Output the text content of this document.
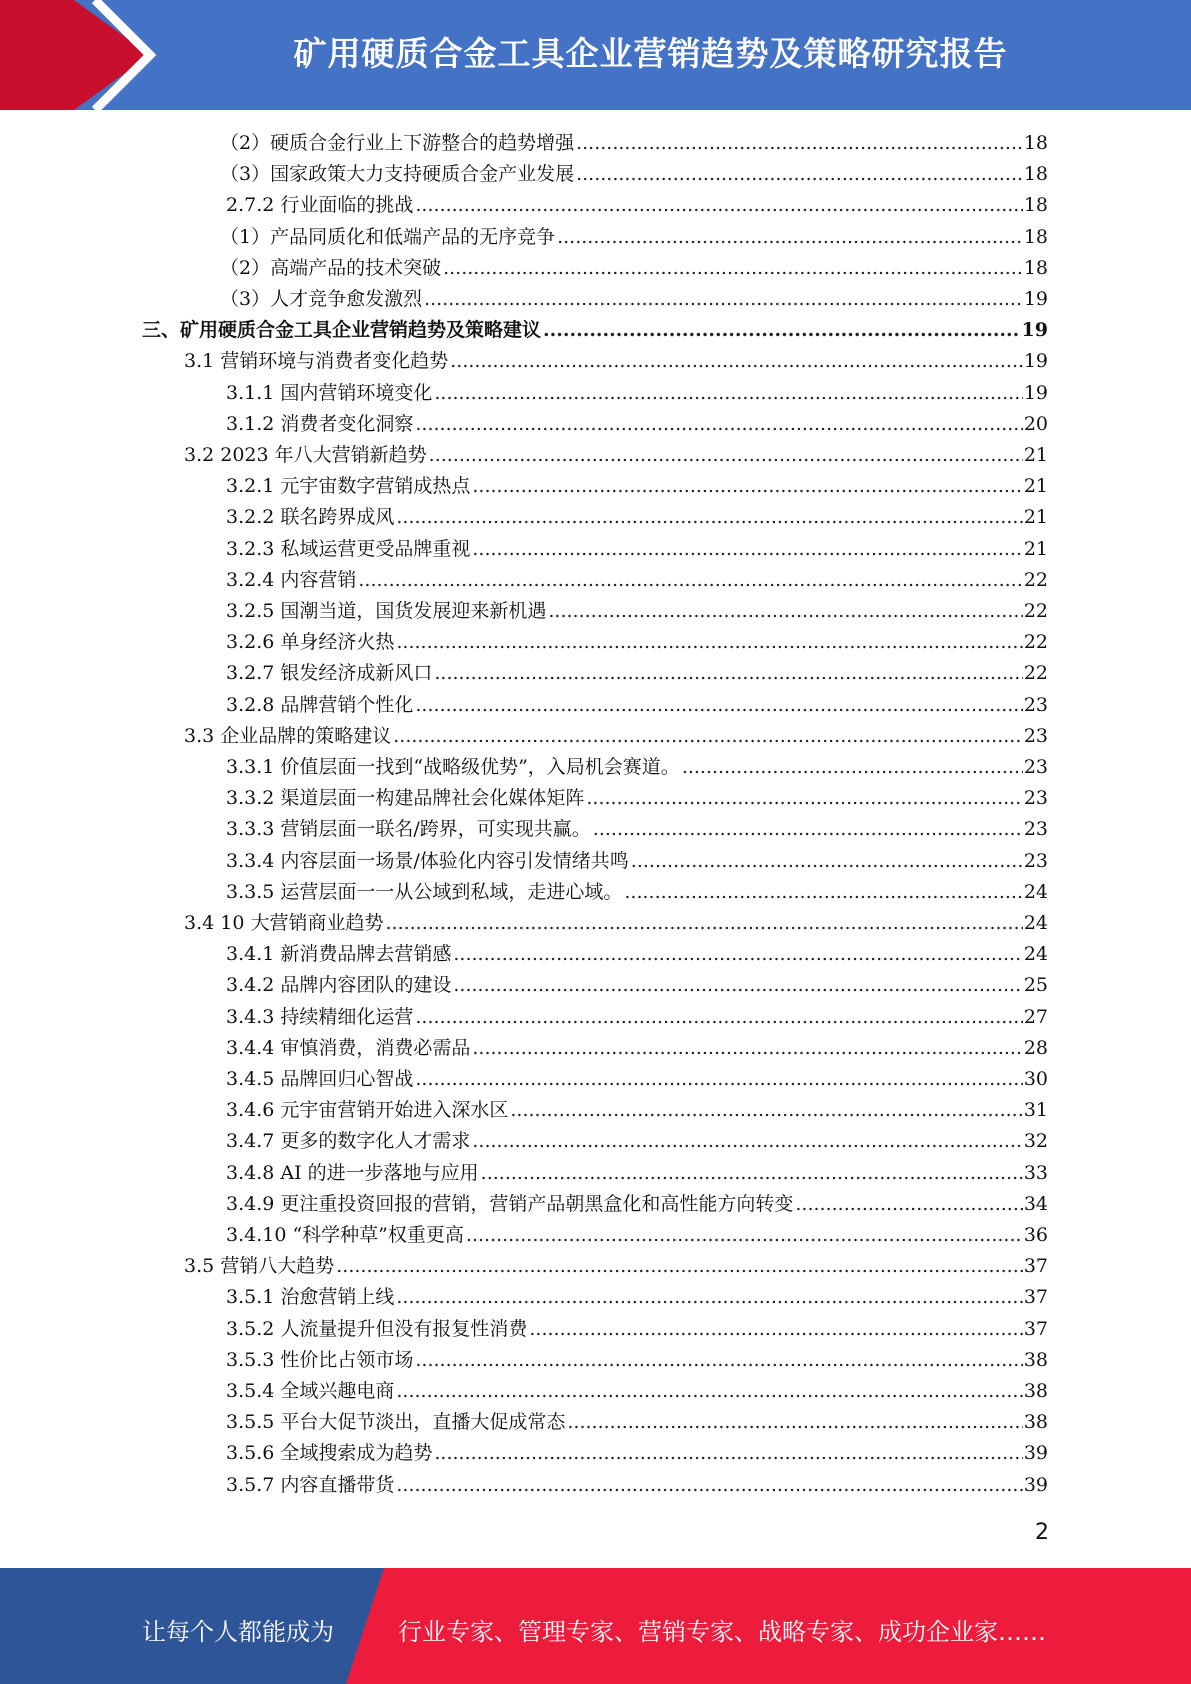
矿用硬质合金工具企业营销趋势及策略研究报告
（2）硬质合金行业上下游整合的趋势增强 .....	18
（3）国家政策大力支持硬质合金产业发展 .....	18
2.7.2 行业面临的挑战 .....	18
（1）产品同质化和低端产品的无序竞争 .....	18
（2）高端产品的技术突破 .....	18
（3）人才竞争愈发激烈 .....	19
三、矿用硬质合金工具企业营销趋势及策略建议 .....	19
3.1 营销环境与消费者变化趋势 .....	19
3.1.1 国内营销环境变化 .....	19
3.1.2 消费者变化洞察 .....	20
3.2 2023 年八大营销新趋势 .....	21
3.2.1 元宇宙数字营销成热点 .....	21
3.2.2 联名跨界成风 .....	21
3.2.3 私域运营更受品牌重视 .....	21
3.2.4 内容营销 .....	22
3.2.5 国潮当道，国货发展迎来新机遇 .....	22
3.2.6 单身经济火热 .....	22
3.2.7 银发经济成新风口 .....	22
3.2.8 品牌营销个性化 .....	23
3.3 企业品牌的策略建议 .....	23
3.3.1 价值层面一找到“战略级优势”，入局机会赛道。 .....	23
3.3.2 渠道层面一构建品牌社会化媒体矩阵 .....	23
3.3.3 营销层面一联名/跨界，可实现共赢。 .....	23
3.3.4 内容层面一场景/体验化内容引发情绪共鸣 .....	23
3.3.5 运营层面一一从公域到私域，走进心域。 .....	24
3.4 10 大营销商业趋势 .....	24
3.4.1 新消费品牌去营销感 .....	24
3.4.2 品牌内容团队的建设 .....	25
3.4.3 持续精细化运营 .....	27
3.4.4 审慎消费，消费必需品 .....	28
3.4.5 品牌回归心智战 .....	30
3.4.6 元宇宙营销开始进入深水区 .....	31
3.4.7 更多的数字化人才需求 .....	32
3.4.8 AI 的进一步落地与应用 .....	33
3.4.9 更注重投资回报的营销，营销产品朝黑盒化和高性能方向转变 .....	34
3.4.10 “科学种草”权重更高 .....	36
3.5 营销八大趋势 .....	37
3.5.1 治愈营销上线 .....	37
3.5.2 人流量提升但没有报复性消费 .....	37
3.5.3 性价比占领市场 .....	38
3.5.4 全域兴趣电商 .....	38
3.5.5 平台大促节淡出，直播大促成常态 .....	38
3.5.6 全域搜索成为趋势 .....	39
3.5.7 内容直播带货 .....	39
2
让每个人都能成为	行业专家、管理专家、营销专家、战略专家、成功企业家……
